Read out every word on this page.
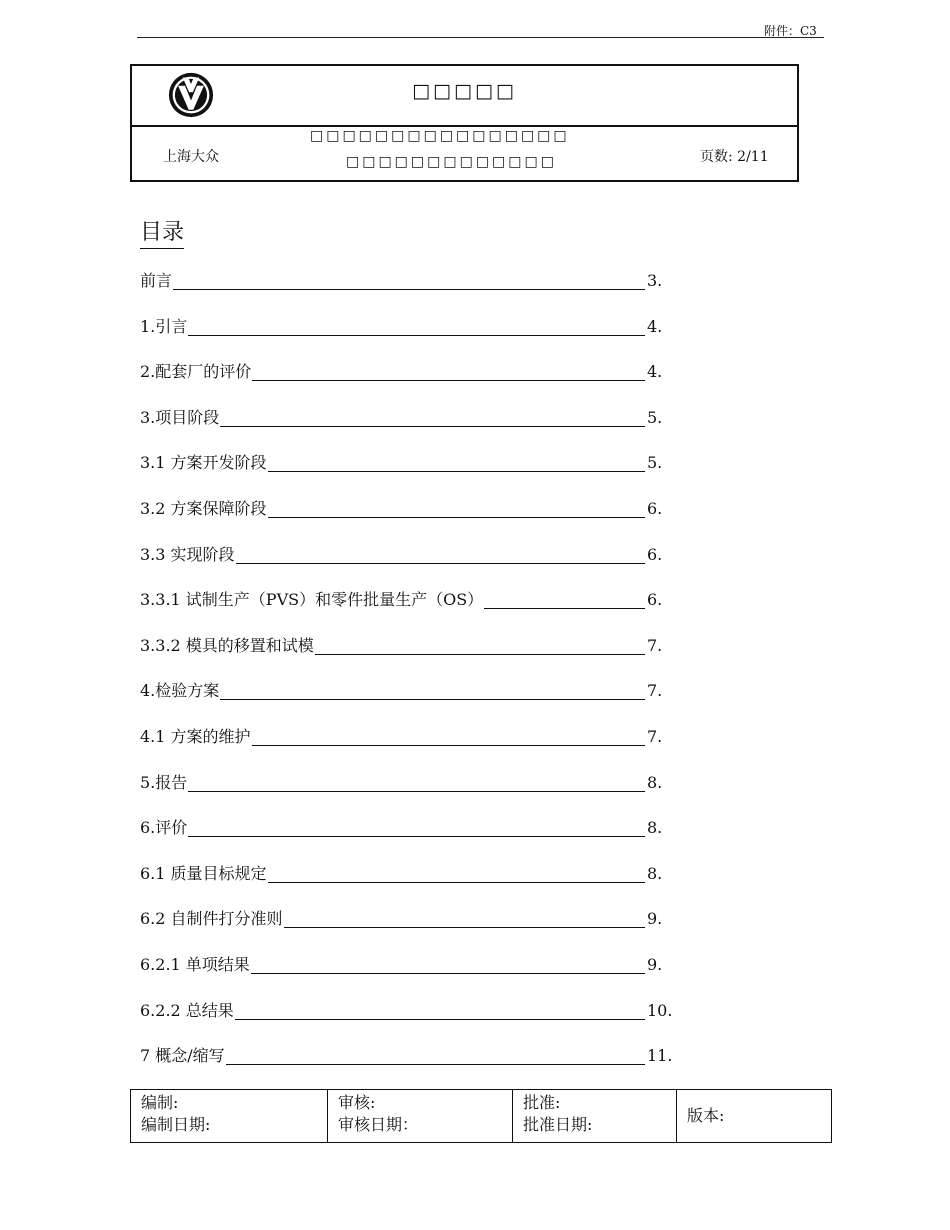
附件：C3
□□□□□
上海大众
□□□□□□□□□□□□□□□□
□□□□□□□□□□□□□	页数: 2/11
目录
前言	3.
1.引言	4.
2.配套厂的评价	4.
3.项目阶段	5.
3.1 方案开发阶段	5.
3.2 方案保障阶段	6.
3.3 实现阶段	6.
3.3.1 试制生产（PVS）和零件批量生产（OS）	6.
3.3.2 模具的移置和试模	7.
4.检验方案	7.
4.1 方案的维护	7.
5.报告	8.
6.评价	8.
6.1 质量目标规定	8.
6.2 自制件打分准则	9.
6.2.1 单项结果	9.
6.2.2 总结果	10.
7 概念/缩写	11.
编制:
编制日期:

审核:
审核日期：

批准:
批准日期:	版本:
